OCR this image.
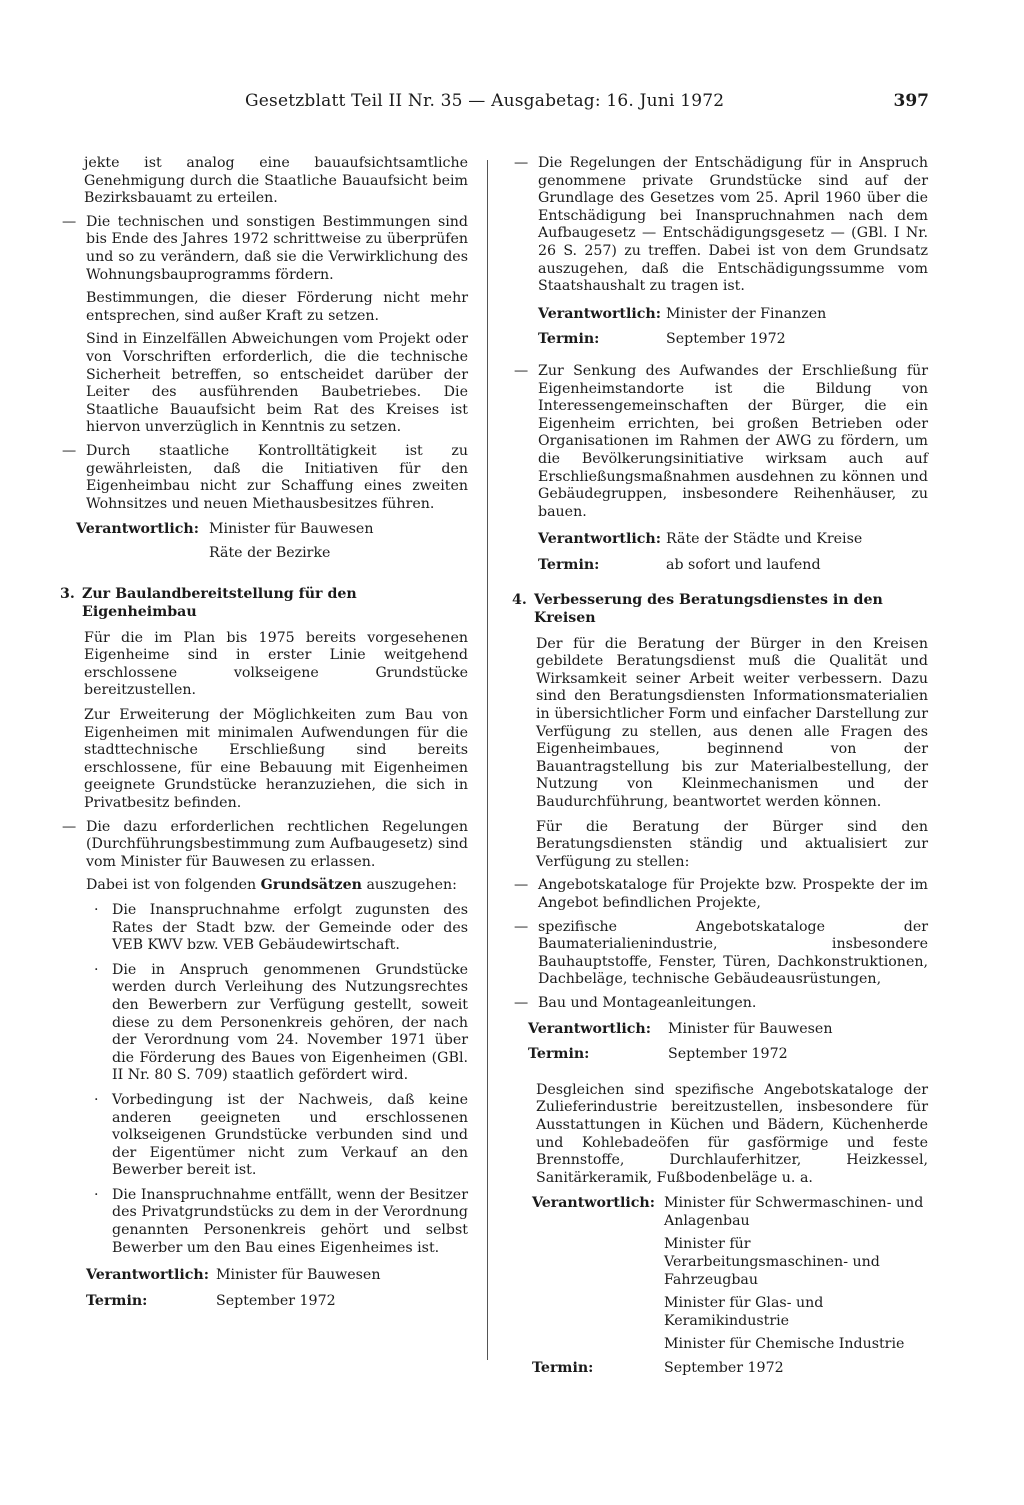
Gesetzblatt Teil II Nr. 35 — Ausgabetag: 16. Juni 1972	397

jekte ist analog eine bauaufsichtsamtliche Genehmigung durch die Staatliche Bauaufsicht beim Bezirksbauamt zu erteilen.

— Die technischen und sonstigen Bestimmungen sind bis Ende des Jahres 1972 schrittweise zu überprüfen und so zu verändern, daß sie die Verwirklichung des Wohnungsbauprogramms fördern.

Bestimmungen, die dieser Förderung nicht mehr entsprechen, sind außer Kraft zu setzen.

Sind in Einzelfällen Abweichungen vom Projekt oder von Vorschriften erforderlich, die die technische Sicherheit betreffen, so entscheidet darüber der Leiter des ausführenden Baubetriebes. Die Staatliche Bauaufsicht beim Rat des Kreises ist hiervon unverzüglich in Kenntnis zu setzen.

— Durch staatliche Kontrolltätigkeit ist zu gewährleisten, daß die Initiativen für den Eigenheimbau nicht zur Schaffung eines zweiten Wohnsitzes und neuen Miethausbesitzes führen.

Verantwortlich: Minister für Bauwesen
Räte der Bezirke
3. Zur Baulandbereitstellung für den Eigenheimbau

Für die im Plan bis 1975 bereits vorgesehenen Eigenheime sind in erster Linie weitgehend erschlossene volkseigene Grundstücke bereitzustellen.

Zur Erweiterung der Möglichkeiten zum Bau von Eigenheimen mit minimalen Aufwendungen für die stadttechnische Erschließung sind bereits erschlossene, für eine Bebauung mit Eigenheimen geeignete Grundstücke heranzuziehen, die sich in Privatbesitz befinden.

— Die dazu erforderlichen rechtlichen Regelungen (Durchführungsbestimmung zum Aufbaugesetz) sind vom Minister für Bauwesen zu erlassen.

Dabei ist von folgenden Grundsätzen auszugehen:

· Die Inanspruchnahme erfolgt zugunsten des Rates der Stadt bzw. der Gemeinde oder des VEB KWV bzw. VEB Gebäudewirtschaft.

· Die in Anspruch genommenen Grundstücke werden durch Verleihung des Nutzungsrechtes den Bewerbern zur Verfügung gestellt, soweit diese zu dem Personenkreis gehören, der nach der Verordnung vom 24. November 1971 über die Förderung des Baues von Eigenheimen (GBl. II Nr. 80 S. 709) staatlich gefördert wird.

· Vorbedingung ist der Nachweis, daß keine anderen geeigneten und erschlossenen volkseigenen Grundstücke verbunden sind und der Eigentümer nicht zum Verkauf an den Bewerber bereit ist.

· Die Inanspruchnahme entfällt, wenn der Besitzer des Privatgrundstücks zu dem in der Verordnung genannten Personenkreis gehört und selbst Bewerber um den Bau eines Eigenheimes ist.

Verantwortlich: Minister für Bauwesen
Termin:	September 1972
— Die Regelungen der Entschädigung für in Anspruch genommene private Grundstücke sind auf der Grundlage des Gesetzes vom 25. April 1960 über die Entschädigung bei Inanspruchnahmen nach dem Aufbaugesetz — Entschädigungsgesetz — (GBl. I Nr. 26 S. 257) zu treffen. Dabei ist von dem Grundsatz auszugehen, daß die Entschädigungssumme vom Staatshaushalt zu tragen ist.

Verantwortlich: Minister der Finanzen
Termin:	September 1972
— Zur Senkung des Aufwandes der Erschließung für Eigenheimstandorte ist die Bildung von Interessengemeinschaften der Bürger, die ein Eigenheim errichten, bei großen Betrieben oder Organisationen im Rahmen der AWG zu fördern, um die Bevölkerungsinitiative wirksam auch auf Erschließungsmaßnahmen ausdehnen zu können und Gebäudegruppen, insbesondere Reihenhäuser, zu bauen.

Verantwortlich: Räte der Städte und Kreise
Termin:	ab sofort und laufend
4. Verbesserung des Beratungsdienstes in den Kreisen

Der für die Beratung der Bürger in den Kreisen gebildete Beratungsdienst muß die Qualität und Wirksamkeit seiner Arbeit weiter verbessern. Dazu sind den Beratungsdiensten Informationsmaterialien in übersichtlicher Form und einfacher Darstellung zur Verfügung zu stellen, aus denen alle Fragen des Eigenheimbaues, beginnend von der Bauantragstellung bis zur Materialbestellung, der Nutzung von Kleinmechanismen und der Baudurchführung, beantwortet werden können.

Für die Beratung der Bürger sind den Beratungsdiensten ständig und aktualisiert zur Verfügung zu stellen:

— Angebotskataloge für Projekte bzw. Prospekte der im Angebot befindlichen Projekte,

— spezifische Angebotskataloge der Baumaterialienindustrie, insbesondere Bauhauptstoffe, Fenster, Türen, Dachkonstruktionen, Dachbeläge, technische Gebäudeausrüstungen,

— Bau und Montageanleitungen.

Verantwortlich:	Minister für Bauwesen
Termin:	September 1972

Desgleichen sind spezifische Angebotskataloge der Zulieferindustrie bereitzustellen, insbesondere für Ausstattungen in Küchen und Bädern, Küchenherde und Kohlebadeöfen für gasförmige und feste Brennstoffe, Durchlauferhitzer, Heizkessel, Sanitärkeramik, Fußbodenbeläge u. a.

Verantwortlich: Minister für Schwermaschinen- und Anlagenbau
Minister für Verarbeitungsmaschinen- und Fahrzeugbau
Minister für Glas- und Keramikindustrie
Minister für Chemische Industrie
Termin:	September 1972
